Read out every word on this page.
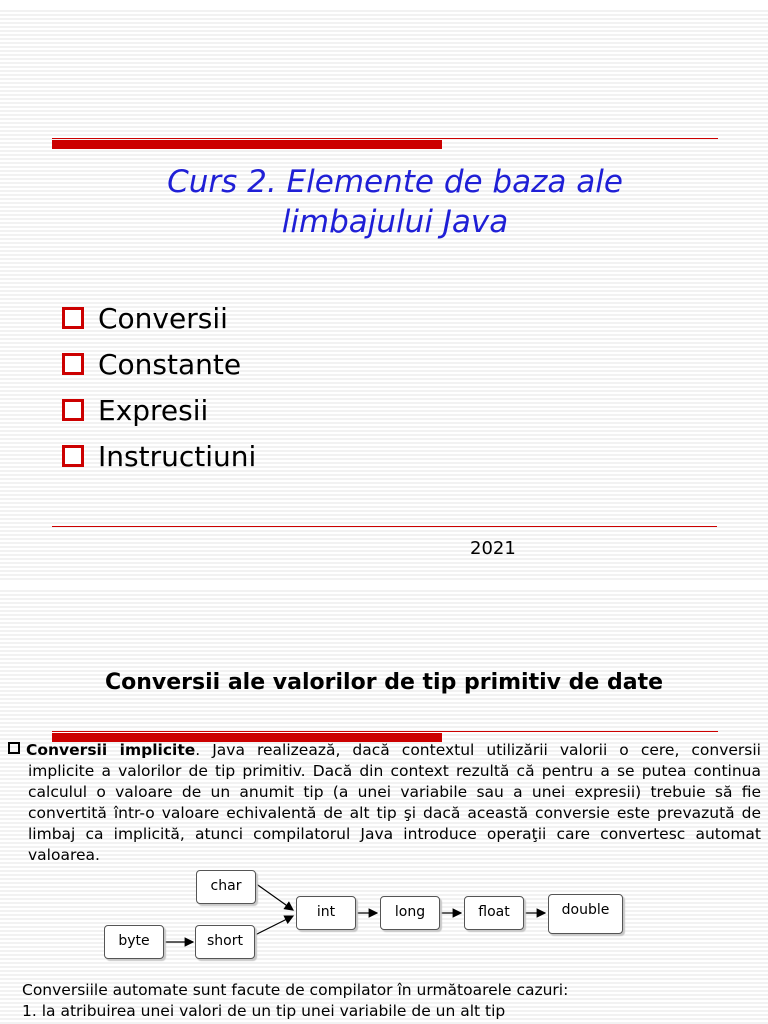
Curs 2. Elemente de baza ale
limbajului Java
Conversii
Constante
Expresii
Instructiuni
2021
Conversii ale valorilor de tip primitiv de date

Conversii implicite. Java realizează, dacă contextul utilizării valorii o cere, conversii implicite a valorilor de tip primitiv. Dacă din context rezultă că pentru a se putea continua calculul o valoare de un anumit tip (a unei variabile sau a unei expresii) trebuie să fie convertită într-o valoare echivalentă de alt tip şi dacă această conversie este prevazută de limbaj ca implicită, atunci compilatorul Java introduce operaţii care convertesc automat valoarea.

char
byte	short
int	long	float	double
Conversiile automate sunt facute de compilator în următoarele cazuri:
1. la atribuirea unei valori de un tip unei variabile de un alt tip
